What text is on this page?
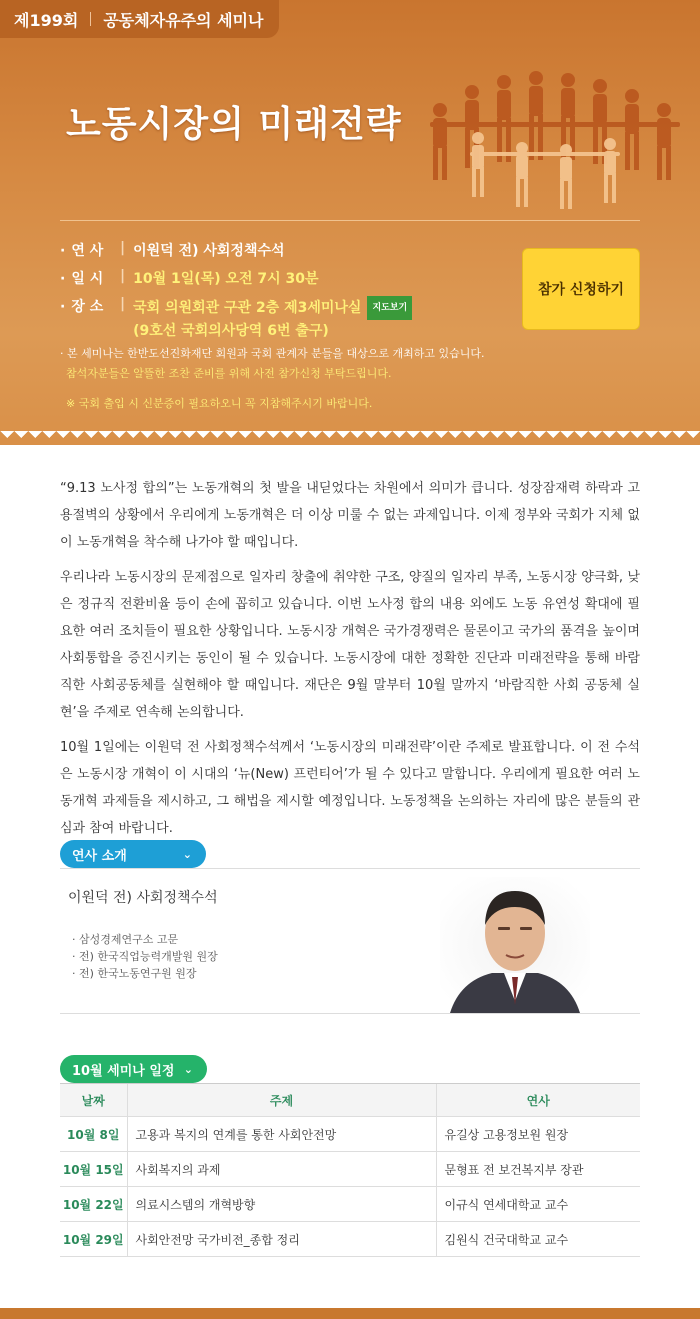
제199회 공동체자유주의 세미나
노동시장의 미래전략
· 연 사	| 이원덕 전) 사회정책수석
· 일 시	| 10월 1일(목) 오전 7시 30분
· 장 소	| 국회 의원회관 구관 2층 제3세미나실 지도보기
(9호선 국회의사당역 6번 출구)
· 본 세미나는 한반도선진화재단 회원과 국회 관계자 분들을 대상으로 개최하고 있습니다.
참석자분들은 알뜰한 조찬 준비를 위해 사전 참가신청 부탁드립니다.
※ 국회 출입 시 신분증이 필요하오니 꼭 지참해주시기 바랍니다.
참가 신청하기

“9.13 노사정 합의”는 노동개혁의 첫 발을 내딛었다는 차원에서 의미가 큽니다. 성장잠재력 하락과 고용절벽의 상황에서 우리에게 노동개혁은 더 이상 미룰 수 없는 과제입니다. 이제 정부와 국회가 지체 없이 노동개혁을 착수해 나가야 할 때입니다.

우리나라 노동시장의 문제점으로 일자리 창출에 취약한 구조, 양질의 일자리 부족, 노동시장 양극화, 낮은 정규직 전환비율 등이 손에 꼽히고 있습니다. 이번 노사정 합의 내용 외에도 노동 유연성 확대에 필요한 여러 조치들이 필요한 상황입니다. 노동시장 개혁은 국가경쟁력은 물론이고 국가의 품격을 높이며 사회통합을 증진시키는 동인이 될 수 있습니다. 노동시장에 대한 정확한 진단과 미래전략을 통해 바람직한 사회공동체를 실현해야 할 때입니다. 재단은 9월 말부터 10월 말까지 ‘바람직한 사회 공동체 실현’을 주제로 연속해 논의합니다.

10월 1일에는 이원덕 전 사회정책수석께서 ‘노동시장의 미래전략’이란 주제로 발표합니다. 이 전 수석은 노동시장 개혁이 이 시대의 ‘뉴(New) 프런티어’가 될 수 있다고 말합니다. 우리에게 필요한 여러 노동개혁 과제들을 제시하고, 그 해법을 제시할 예정입니다. 노동정책을 논의하는 자리에 많은 분들의 관심과 참여 바랍니다.

연사 소개	⌄
이원덕 전) 사회정책수석
· 삼성경제연구소 고문
· 전) 한국직업능력개발원 원장
· 전) 한국노동연구원 원장
10월 세미나 일정 ⌄
날짜	주제	연사
10월 8일	고용과 복지의 연계를 통한 사회안전망	유길상 고용정보원 원장
10월 15일	사회복지의 과제	문형표 전 보건복지부 장관
10월 22일	의료시스템의 개혁방향	이규식 연세대학교 교수
10월 29일	사회안전망 국가비전_종합 정리	김원식 건국대학교 교수
